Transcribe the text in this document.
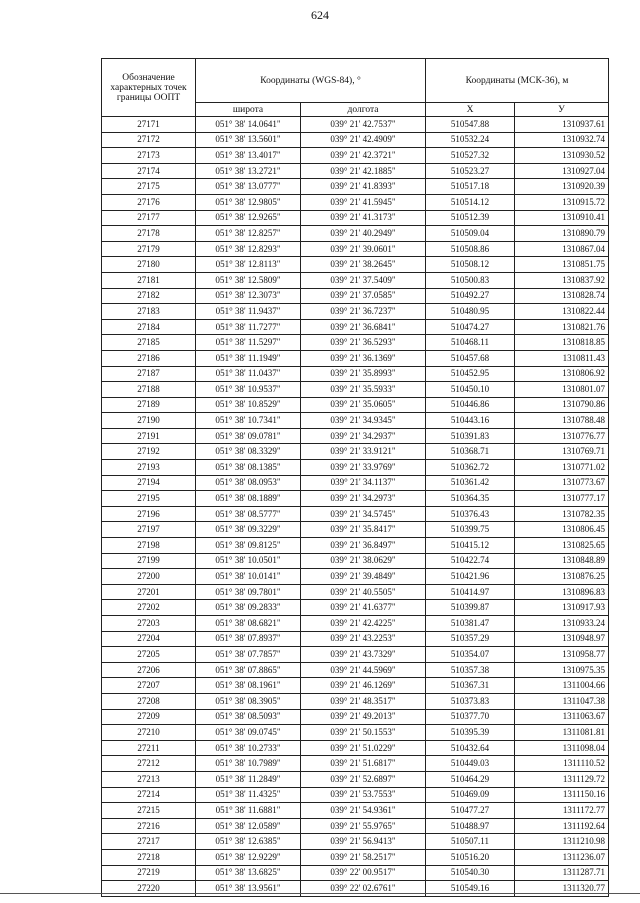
624
Обозначение характерных точек границы ООПТ	Координаты (WGS-84), °		Координаты (МСК-36), м	
	широта	долгота	X	У
27171	051° 38' 14.0641"	039° 21' 42.7537"	510547.88	1310937.61
27172	051° 38' 13.5601"	039° 21' 42.4909"	510532.24	1310932.74
27173	051° 38' 13.4017"	039° 21' 42.3721"	510527.32	1310930.52
27174	051° 38' 13.2721"	039° 21' 42.1885"	510523.27	1310927.04
27175	051° 38' 13.0777"	039° 21' 41.8393"	510517.18	1310920.39
27176	051° 38' 12.9805"	039° 21' 41.5945"	510514.12	1310915.72
27177	051° 38' 12.9265"	039° 21' 41.3173"	510512.39	1310910.41
27178	051° 38' 12.8257"	039° 21' 40.2949"	510509.04	1310890.79
27179	051° 38' 12.8293"	039° 21' 39.0601"	510508.86	1310867.04
27180	051° 38' 12.8113"	039° 21' 38.2645"	510508.12	1310851.75
27181	051° 38' 12.5809"	039° 21' 37.5409"	510500.83	1310837.92
27182	051° 38' 12.3073"	039° 21' 37.0585"	510492.27	1310828.74
27183	051° 38' 11.9437"	039° 21' 36.7237"	510480.95	1310822.44
27184	051° 38' 11.7277"	039° 21' 36.6841"	510474.27	1310821.76
27185	051° 38' 11.5297"	039° 21' 36.5293"	510468.11	1310818.85
27186	051° 38' 11.1949"	039° 21' 36.1369"	510457.68	1310811.43
27187	051° 38' 11.0437"	039° 21' 35.8993"	510452.95	1310806.92
27188	051° 38' 10.9537"	039° 21' 35.5933"	510450.10	1310801.07
27189	051° 38' 10.8529"	039° 21' 35.0605"	510446.86	1310790.86
27190	051° 38' 10.7341"	039° 21' 34.9345"	510443.16	1310788.48
27191	051° 38' 09.0781"	039° 21' 34.2937"	510391.83	1310776.77
27192	051° 38' 08.3329"	039° 21' 33.9121"	510368.71	1310769.71
27193	051° 38' 08.1385"	039° 21' 33.9769"	510362.72	1310771.02
27194	051° 38' 08.0953"	039° 21' 34.1137"	510361.42	1310773.67
27195	051° 38' 08.1889"	039° 21' 34.2973"	510364.35	1310777.17
27196	051° 38' 08.5777"	039° 21' 34.5745"	510376.43	1310782.35
27197	051° 38' 09.3229"	039° 21' 35.8417"	510399.75	1310806.45
27198	051° 38' 09.8125"	039° 21' 36.8497"	510415.12	1310825.65
27199	051° 38' 10.0501"	039° 21' 38.0629"	510422.74	1310848.89
27200	051° 38' 10.0141"	039° 21' 39.4849"	510421.96	1310876.25
27201	051° 38' 09.7801"	039° 21' 40.5505"	510414.97	1310896.83
27202	051° 38' 09.2833"	039° 21' 41.6377"	510399.87	1310917.93
27203	051° 38' 08.6821"	039° 21' 42.4225"	510381.47	1310933.24
27204	051° 38' 07.8937"	039° 21' 43.2253"	510357.29	1310948.97
27205	051° 38' 07.7857"	039° 21' 43.7329"	510354.07	1310958.77
27206	051° 38' 07.8865"	039° 21' 44.5969"	510357.38	1310975.35
27207	051° 38' 08.1961"	039° 21' 46.1269"	510367.31	1311004.66
27208	051° 38' 08.3905"	039° 21' 48.3517"	510373.83	1311047.38
27209	051° 38' 08.5093"	039° 21' 49.2013"	510377.70	1311063.67
27210	051° 38' 09.0745"	039° 21' 50.1553"	510395.39	1311081.81
27211	051° 38' 10.2733"	039° 21' 51.0229"	510432.64	1311098.04
27212	051° 38' 10.7989"	039° 21' 51.6817"	510449.03	1311110.52
27213	051° 38' 11.2849"	039° 21' 52.6897"	510464.29	1311129.72
27214	051° 38' 11.4325"	039° 21' 53.7553"	510469.09	1311150.16
27215	051° 38' 11.6881"	039° 21' 54.9361"	510477.27	1311172.77
27216	051° 38' 12.0589"	039° 21' 55.9765"	510488.97	1311192.64
27217	051° 38' 12.6385"	039° 21' 56.9413"	510507.11	1311210.98
27218	051° 38' 12.9229"	039° 21' 58.2517"	510516.20	1311236.07
27219	051° 38' 13.6825"	039° 22' 00.9517"	510540.30	1311287.71
27220	051° 38' 13.9561"	039° 22' 02.6761"	510549.16	1311320.77
